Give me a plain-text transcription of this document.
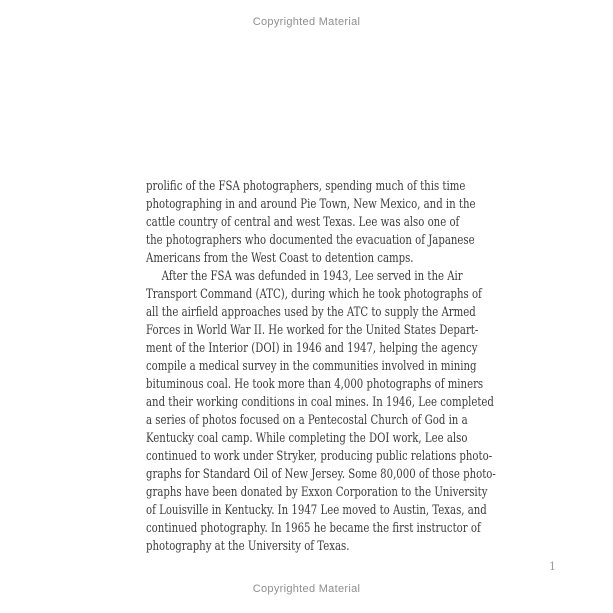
Copyrighted Material
prolific of the FSA photographers, spending much of this time
photographing in and around Pie Town, New Mexico, and in the
cattle country of central and west Texas. Lee was also one of
the photographers who documented the evacuation of Japanese
Americans from the West Coast to detention camps.
After the FSA was defunded in 1943, Lee served in the Air
Transport Command (ATC), during which he took photographs of
all the airfield approaches used by the ATC to supply the Armed
Forces in World War II. He worked for the United States Depart-
ment of the Interior (DOI) in 1946 and 1947, helping the agency
compile a medical survey in the communities involved in mining
bituminous coal. He took more than 4,000 photographs of miners
and their working conditions in coal mines. In 1946, Lee completed
a series of photos focused on a Pentecostal Church of God in a
Kentucky coal camp. While completing the DOI work, Lee also
continued to work under Stryker, producing public relations photo-
graphs for Standard Oil of New Jersey. Some 80,000 of those photo-
graphs have been donated by Exxon Corporation to the University
of Louisville in Kentucky. In 1947 Lee moved to Austin, Texas, and
continued photography. In 1965 he became the first instructor of
photography at the University of Texas.
1
Copyrighted Material
